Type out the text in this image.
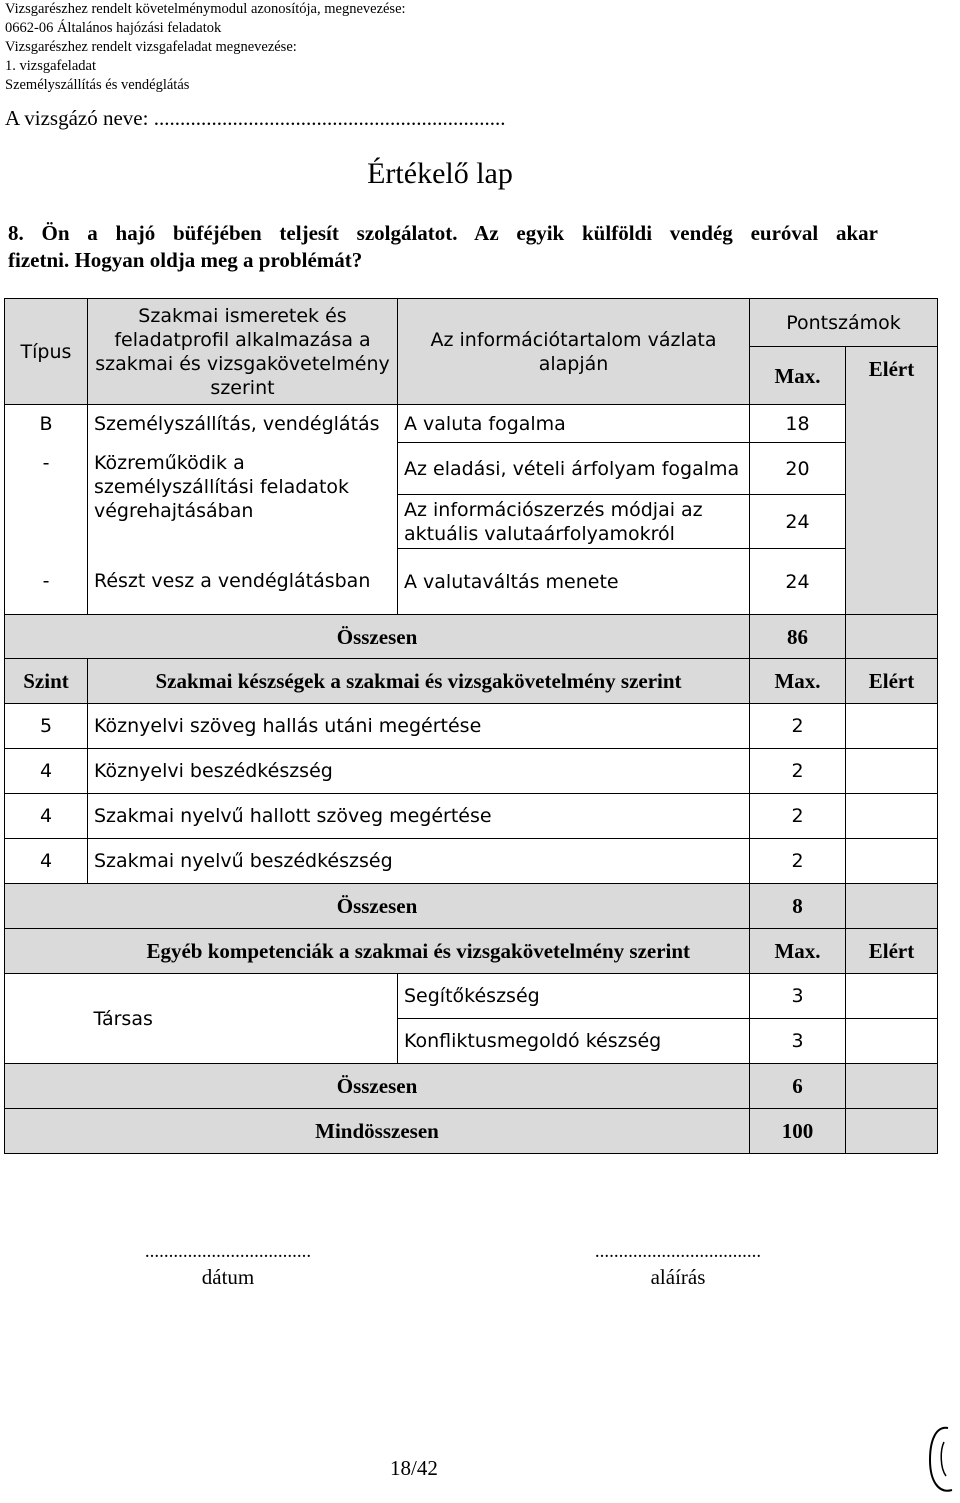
Vizsgarészhez rendelt követelménymodul azonosítója, megnevezése:
0662-06 Általános hajózási feladatok
Vizsgarészhez rendelt vizsgafeladat megnevezése:
1. vizsgafeladat
Személyszállítás és vendéglátás
A vizsgázó neve: ...................................................................
Értékelő lap
8. Ön a hajó büféjében teljesít szolgálatot. Az egyik külföldi vendég euróval akar
fizetni. Hogyan oldja meg a problémát?
Típus	Szakmai ismeretek és feladatprofil alkalmazása a szakmai és vizsgakövetelmény szerint	Az információtartalom vázlata alapján	Pontszámok	
			Max.	Elért
B	Személyszállítás, vendéglátás	A valuta fogalma	18	
-	Közreműködik a személyszállítási feladatok végrehajtásában	Az eladási, vételi árfolyam fogalma	20	
		Az információszerzés módjai az aktuális valutaárfolyamokról	24	
-	Részt vesz a vendéglátásban	A valutaváltás menete	24	
Összesen			86	
Szint	Szakmai készségek a szakmai és vizsgakövetelmény szerint		Max.	Elért
5	Köznyelvi szöveg hallás utáni megértése		2	
4	Köznyelvi beszédkészség		2	
4	Szakmai nyelvű hallott szöveg megértése		2	
4	Szakmai nyelvű beszédkészség		2	
Összesen			8	
	Egyéb kompetenciák a szakmai és vizsgakövetelmény szerint		Max.	Elért
	Társas	Segítőkészség	3	
		Konfliktusmegoldó készség	3	
Összesen			6	
Mindösszesen			100	
...................................
dátum
...................................
aláírás
18/42
